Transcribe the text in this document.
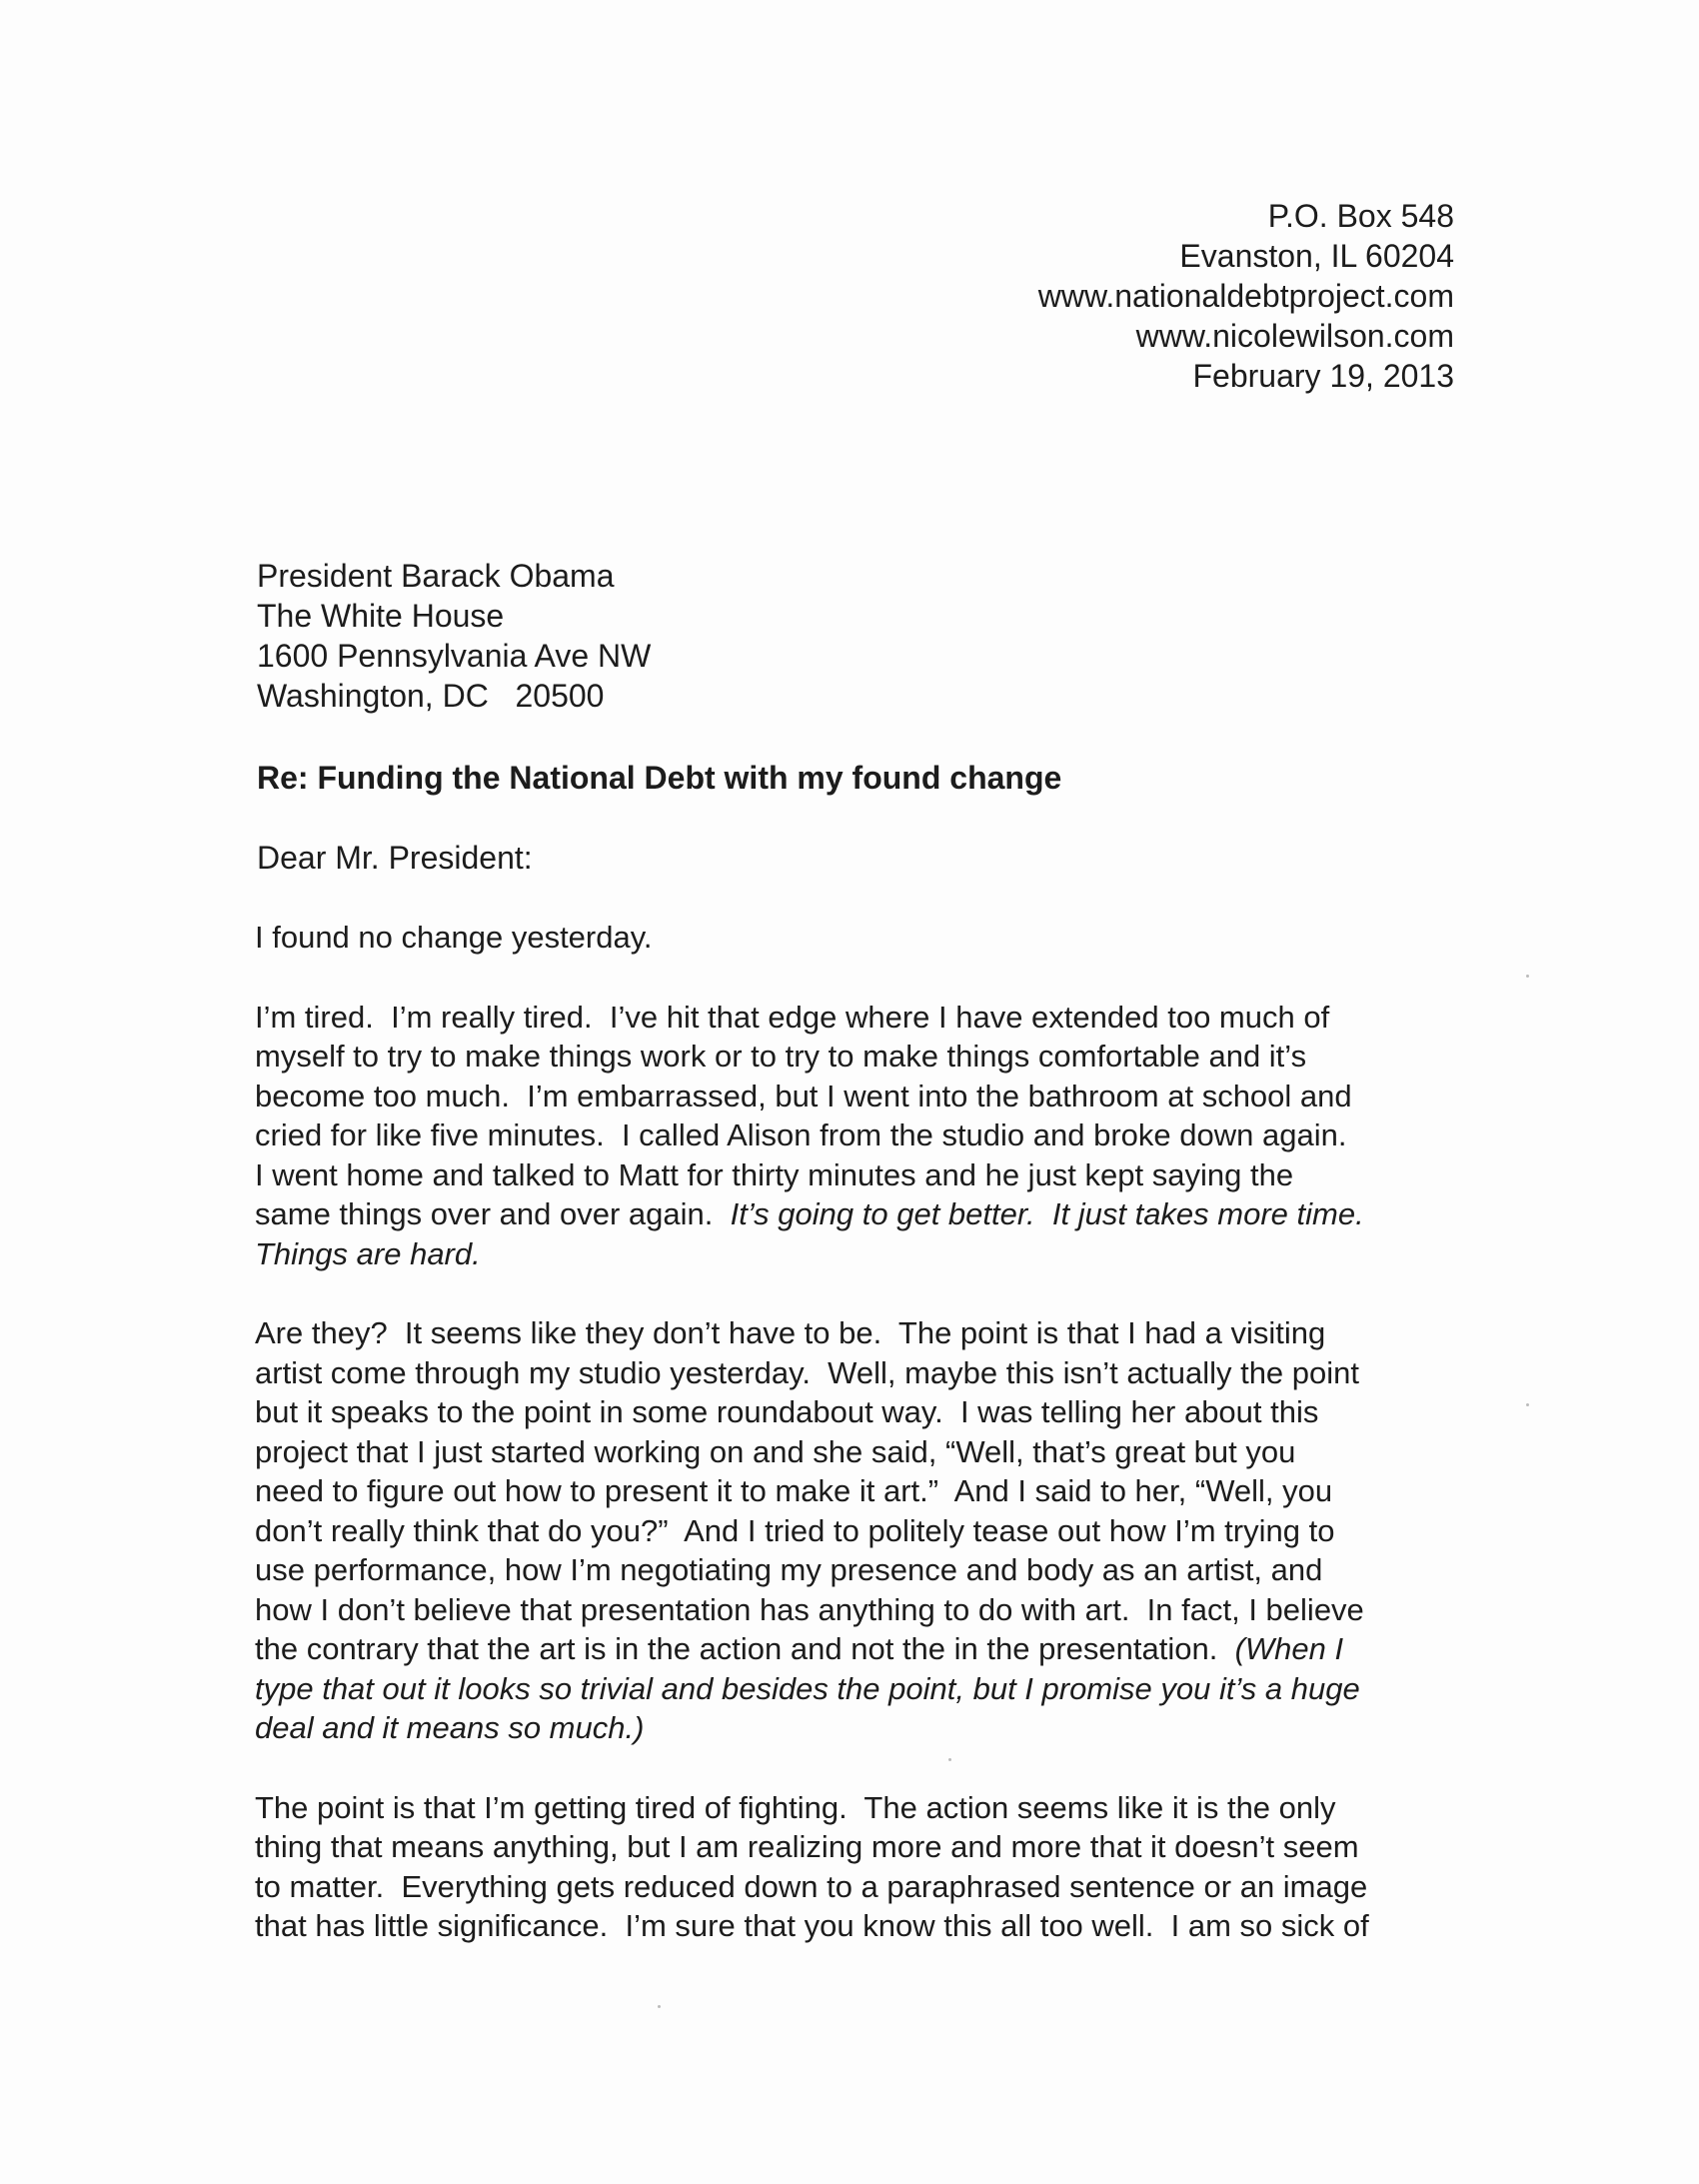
P.O. Box 548
Evanston, IL 60204
www.nationaldebtproject.com
www.nicolewilson.com
February 19, 2013
President Barack Obama
The White House
1600 Pennsylvania Ave NW
Washington, DC   20500
Re: Funding the National Debt with my found change
Dear Mr. President:
I found no change yesterday.
I’m tired.  I’m really tired.  I’ve hit that edge where I have extended too much of
myself to try to make things work or to try to make things comfortable and it’s
become too much.  I’m embarrassed, but I went into the bathroom at school and
cried for like five minutes.  I called Alison from the studio and broke down again.
I went home and talked to Matt for thirty minutes and he just kept saying the
same things over and over again.  It’s going to get better.  It just takes more time.
Things are hard.
Are they?  It seems like they don’t have to be.  The point is that I had a visiting
artist come through my studio yesterday.  Well, maybe this isn’t actually the point
but it speaks to the point in some roundabout way.  I was telling her about this
project that I just started working on and she said, “Well, that’s great but you
need to figure out how to present it to make it art.”  And I said to her, “Well, you
don’t really think that do you?”  And I tried to politely tease out how I’m trying to
use performance, how I’m negotiating my presence and body as an artist, and
how I don’t believe that presentation has anything to do with art.  In fact, I believe
the contrary that the art is in the action and not the in the presentation.  (When I
type that out it looks so trivial and besides the point, but I promise you it’s a huge
deal and it means so much.)
The point is that I’m getting tired of fighting.  The action seems like it is the only
thing that means anything, but I am realizing more and more that it doesn’t seem
to matter.  Everything gets reduced down to a paraphrased sentence or an image
that has little significance.  I’m sure that you know this all too well.  I am so sick of
